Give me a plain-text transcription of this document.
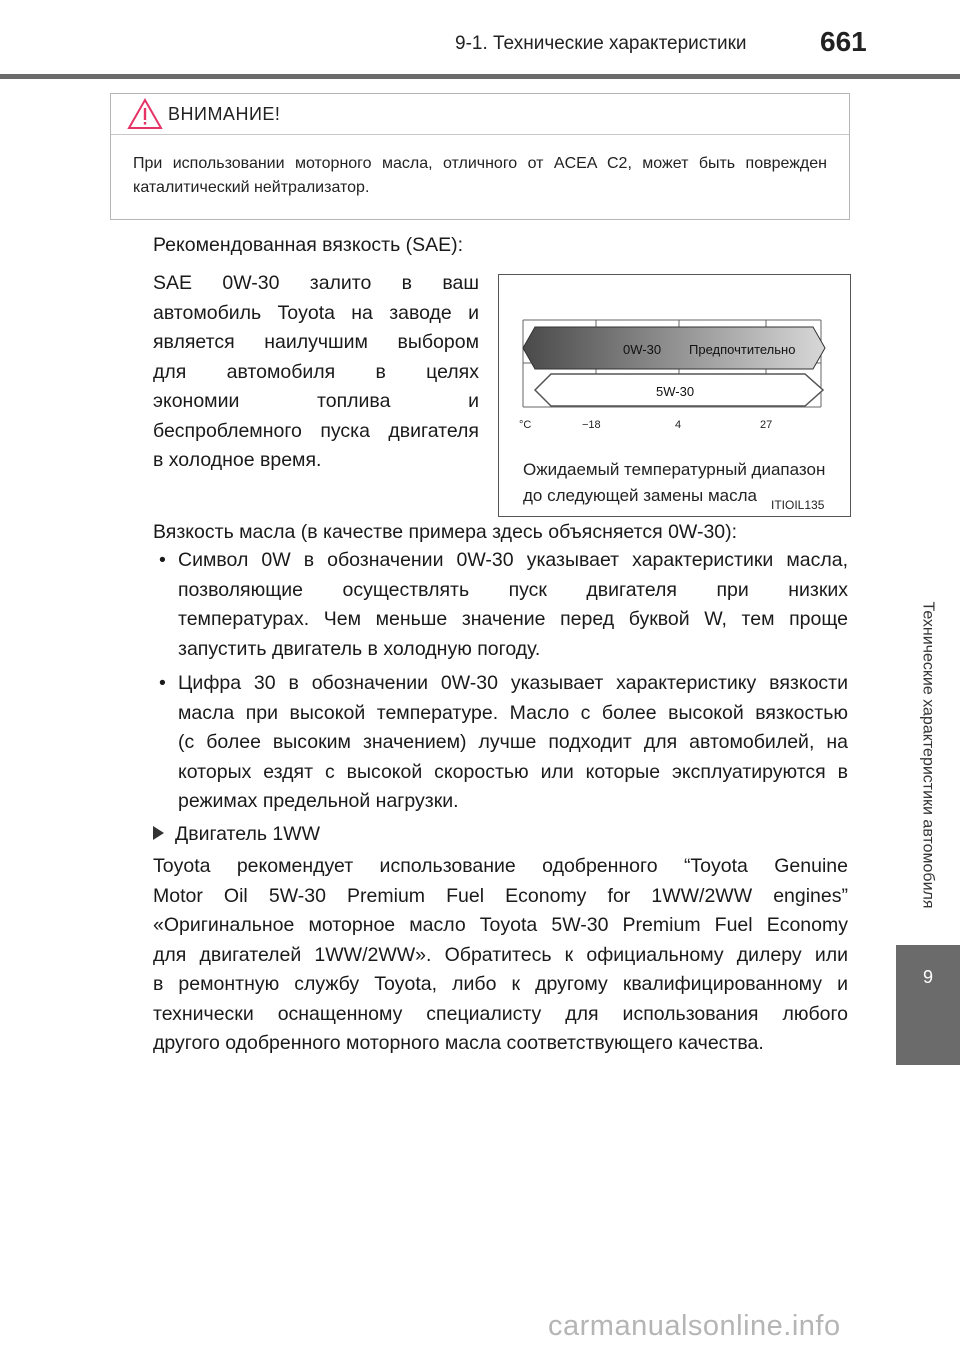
9-1. Технические характеристики	661
Технические характеристики автомобиля
9
ВНИМАНИЕ!
При использовании моторного масла, отличного от ACEA C2, может быть поврежден каталитический нейтрализатор.
Рекомендованная вязкость (SAE):
SAE 0W-30 залито в ваш
автомобиль Toyota на заводе и
является наилучшим выбором
для автомобиля в целях
экономии топлива и
беспроблемного пуска двигателя
в холодное время.
0W-30 Предпочтительно
5W-30
°C	−18	4	27
Ожидаемый температурный диапазон
до следующей замены масла	ITIOIL135
Вязкость масла (в качестве примера здесь объясняется 0W-30):
• Символ 0W в обозначении 0W-30 указывает характеристики масла,
позволяющие осуществлять пуск двигателя при низких
температурах. Чем меньше значение перед буквой W, тем проще
запустить двигатель в холодную погоду.
• Цифра 30 в обозначении 0W-30 указывает характеристику вязкости
масла при высокой температуре. Масло с более высокой вязкостью
(с более высоким значением) лучше подходит для автомобилей, на
которых ездят с высокой скоростью или которые эксплуатируются в
режимах предельной нагрузки.
Двигатель 1WW
Toyota рекомендует использование одобренного “Toyota Genuine
Motor Oil 5W-30 Premium Fuel Economy for 1WW/2WW engines”
«Оригинальное моторное масло Toyota 5W-30 Premium Fuel Economy
для двигателей 1WW/2WW». Обратитесь к официальному дилеру или
в ремонтную службу Toyota, либо к другому квалифицированному и
технически оснащенному специалисту для использования любого
другого одобренного моторного масла соответствующего качества.
carmanualsonline.info
